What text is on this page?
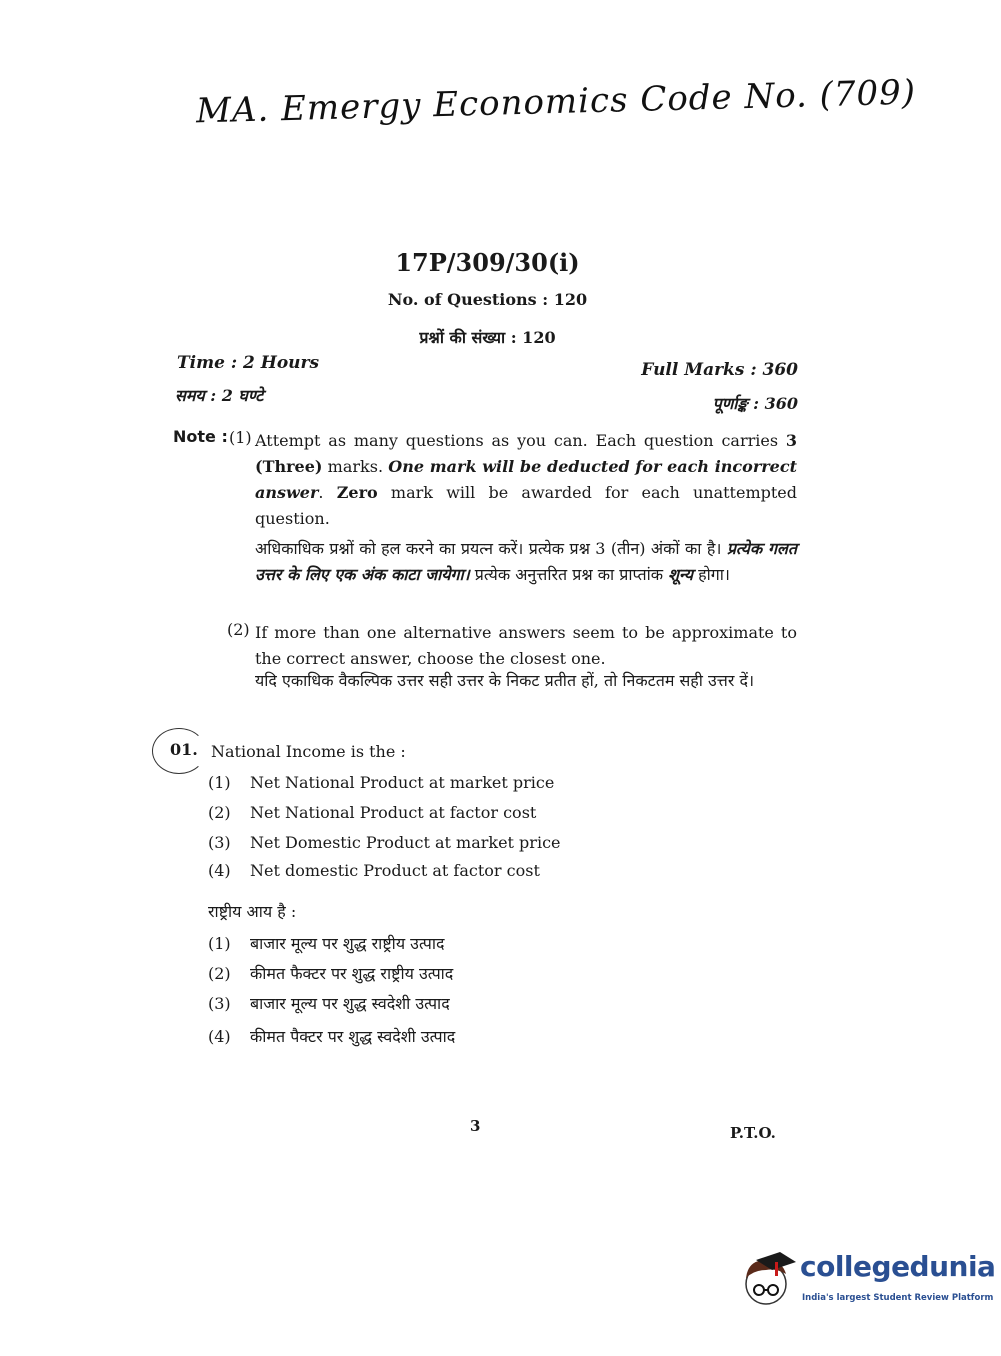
MA. Emergy Economics Code No. (709)
17P/309/30(i)
No. of Questions : 120
प्रश्नों की संख्या : 120
Time : 2 Hours
समय : 2 घण्टे
Full Marks : 360
पूर्णाङ्क : 360
Note : (1) Attempt as many questions as you can. Each question carries 3 (Three) marks. One mark will be deducted for each incorrect answer. Zero mark will be awarded for each unattempted question.
अधिकाधिक प्रश्नों को हल करने का प्रयत्न करें। प्रत्येक प्रश्न 3 (तीन) अंकों का है। प्रत्येक गलत उत्तर के लिए एक अंक काटा जायेगा। प्रत्येक अनुत्तरित प्रश्न का प्राप्तांक शून्य होगा।
(2) If more than one alternative answers seem to be approximate to the correct answer, choose the closest one.
यदि एकाधिक वैकल्पिक उत्तर सही उत्तर के निकट प्रतीत हों, तो निकटतम सही उत्तर दें।
01. National Income is the :
(1) Net National Product at market price
(2) Net National Product at factor cost
(3) Net Domestic Product at market price
(4) Net domestic Product at factor cost
राष्ट्रीय आय है :
(1) बाजार मूल्य पर शुद्ध राष्ट्रीय उत्पाद
(2) कीमत फैक्टर पर शुद्ध राष्ट्रीय उत्पाद
(3) बाजार मूल्य पर शुद्ध स्वदेशी उत्पाद
(4) कीमत पैक्टर पर शुद्ध स्वदेशी उत्पाद
3	P.T.O.
collegedunia
India's largest Student Review Platform
